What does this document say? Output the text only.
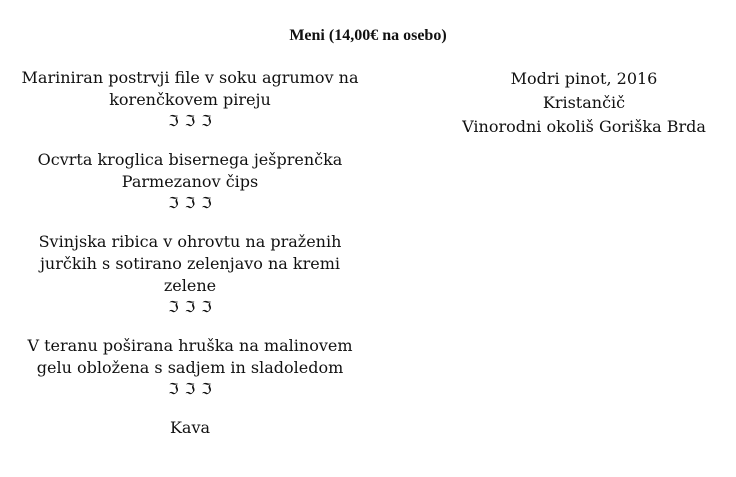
Meni (14,00€ na osebo)
Mariniran postrvji file v soku agrumov na
korenčkovem pireju
ℑℑℑ
Ocvrta kroglica bisernega ješprenčka
Parmezanov čips
ℑℑℑ
Svinjska ribica v ohrovtu na praženih
jurčkih s sotirano zelenjavo na kremi
zelene
ℑℑℑ
V teranu poširana hruška na malinovem
gelu obložena s sadjem in sladoledom
ℑℑℑ
Kava
Modri pinot, 2016
Kristančič
Vinorodni okoliš Goriška Brda
